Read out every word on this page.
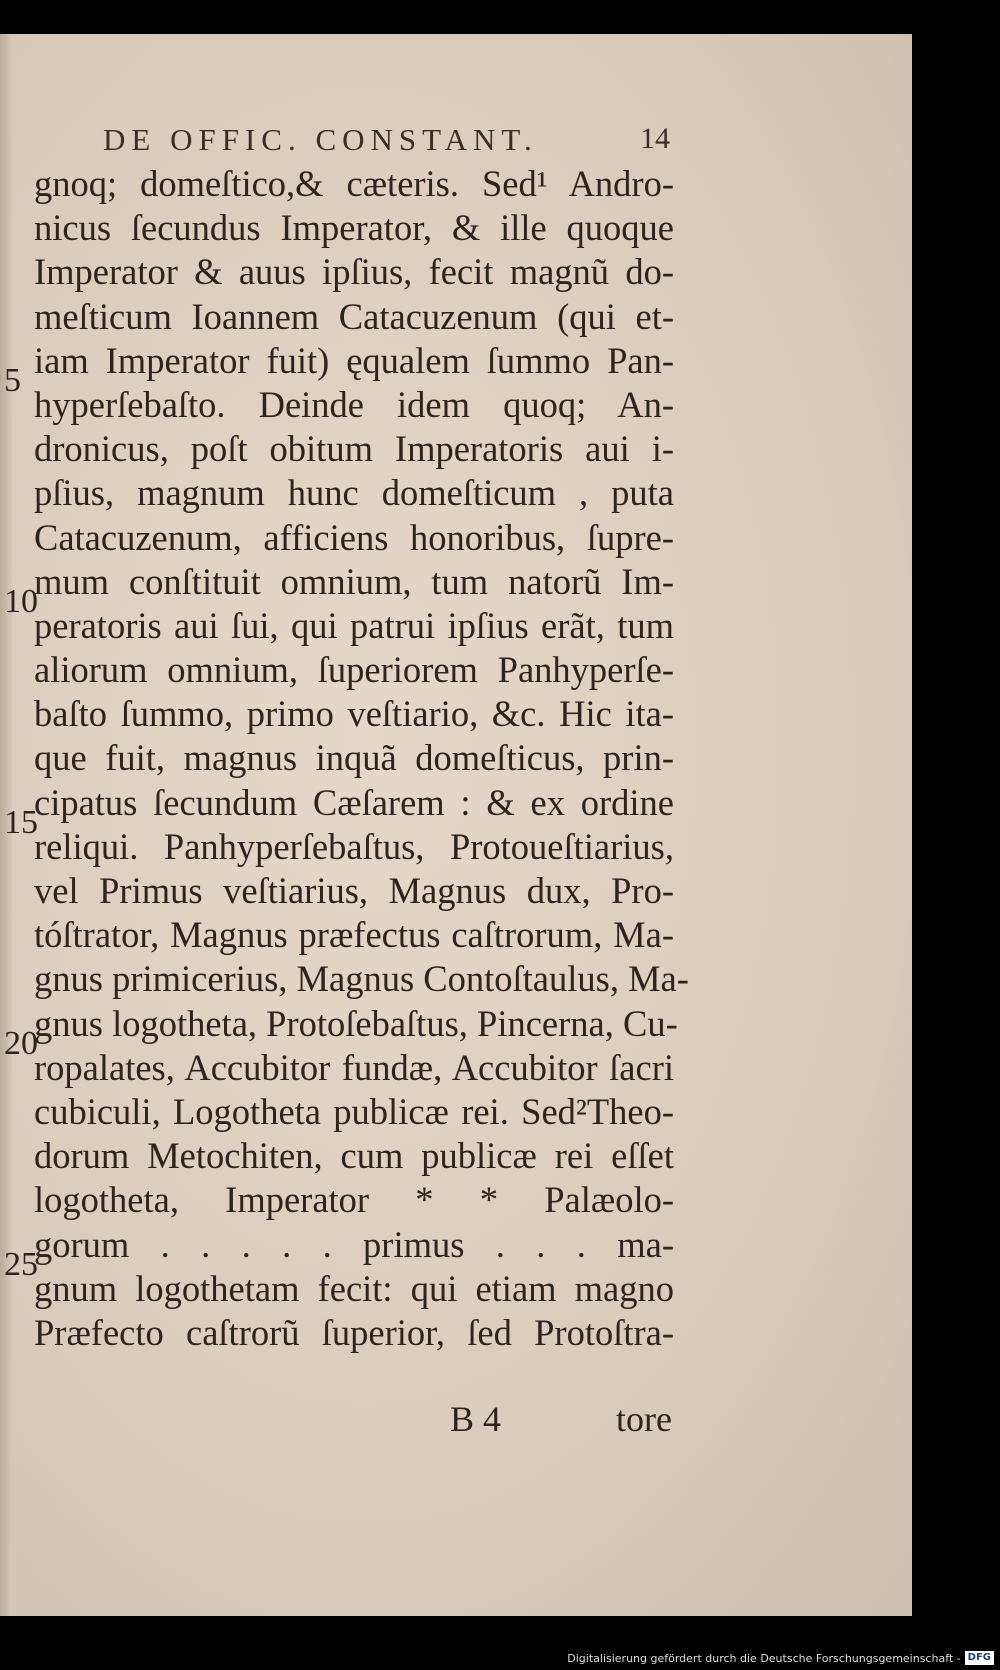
DE OFFIC. CONSTANT.	14
gnoq; domeſtico,& cæteris. Sed¹ Andro-
nicus ſecundus Imperator, & ille quoque
Imperator & auus ipſius, fecit magnũ do-
meſticum Ioannem Catacuzenum (qui et-
iam Imperator fuit) ęqualem ſummo Pan-
hyperſebaſto. Deinde idem quoq; An-
dronicus, poſt obitum Imperatoris aui i-
pſius, magnum hunc domeſticum , puta
Catacuzenum, afficiens honoribus, ſupre-
mum conſtituit omnium, tum natorũ Im-
peratoris aui ſui, qui patrui ipſius erãt, tum
aliorum omnium, ſuperiorem Panhyperſe-
baſto ſummo, primo veſtiario, &c. Hic ita-
que fuit, magnus inquã domeſticus, prin-
cipatus ſecundum Cæſarem : & ex ordine
reliqui. Panhyperſebaſtus, Protoueſtiarius,
vel Primus veſtiarius, Magnus dux, Pro-
tóſtrator, Magnus præfectus caſtrorum, Ma-
gnus primicerius, Magnus Contoſtaulus, Ma-
gnus logotheta, Protoſebaſtus, Pincerna, Cu-
ropalates, Accubitor fundæ, Accubitor ſacri
cubiculi, Logotheta publicæ rei. Sed²Theo-
dorum Metochiten, cum publicæ rei eſſet
logotheta, Imperator * * Palæolo-
gorum . . . . . primus . . . ma-
gnum logothetam fecit: qui etiam magno
Præfecto caſtrorũ ſuperior, ſed Protoſtra-
5
10
15
20
25
B 4	tore
Digitalisierung gefördert durch die Deutsche Forschungsgemeinschaft - DFG
